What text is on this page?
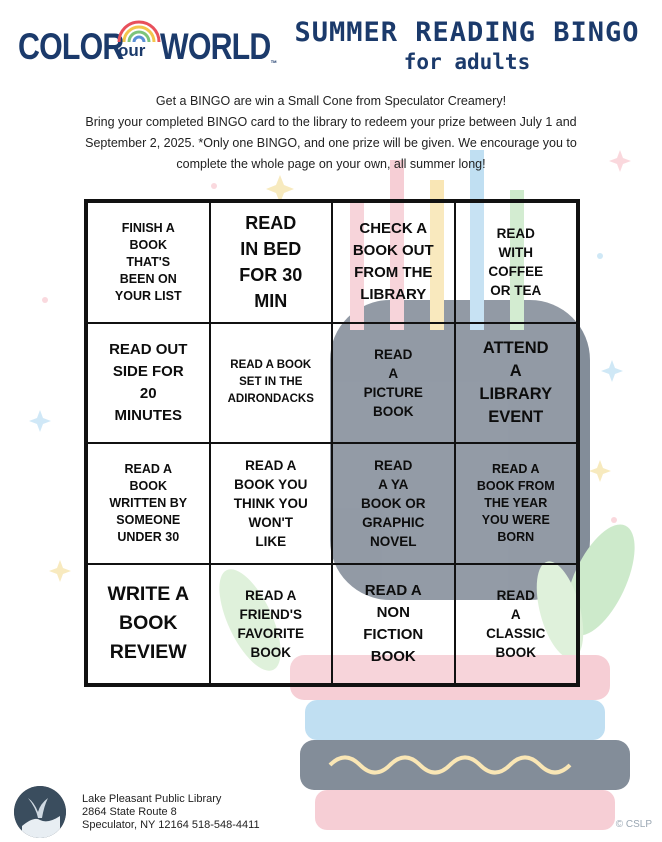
COLOR
our WORLD™
SUMMER READING BINGO
for adults

Get a BINGO are win a Small Cone from Speculator Creamery!

Bring your completed BINGO card to the library to redeem your prize between July 1 and

September 2, 2025. *Only one BINGO, and one prize will be given. We encourage you to

complete the whole page on your own, all summer long!

FINISH A
BOOK
THAT'S
BEEN ON
YOUR LIST
READ
IN BED
FOR 30
MIN
CHECK A
BOOK OUT
FROM THE
LIBRARY
READ
WITH
COFFEE
OR TEA
READ OUT
SIDE FOR
20
MINUTES
READ A BOOK
SET IN THE
ADIRONDACKS
READ
A
PICTURE
BOOK
ATTEND
A
LIBRARY
EVENT
READ A
BOOK
WRITTEN BY
SOMEONE
UNDER 30
READ A
BOOK YOU
THINK YOU
WON'T
LIKE
READ
A YA
BOOK OR
GRAPHIC
NOVEL
READ A
BOOK FROM
THE YEAR
YOU WERE
BORN
WRITE A
BOOK
REVIEW
READ A
FRIEND'S
FAVORITE
BOOK
READ A
NON
FICTION
BOOK
READ
A
CLASSIC
BOOK
Lake Pleasant Public Library
2864 State Route 8
Speculator, NY 12164 518-548-4411	© CSLP
